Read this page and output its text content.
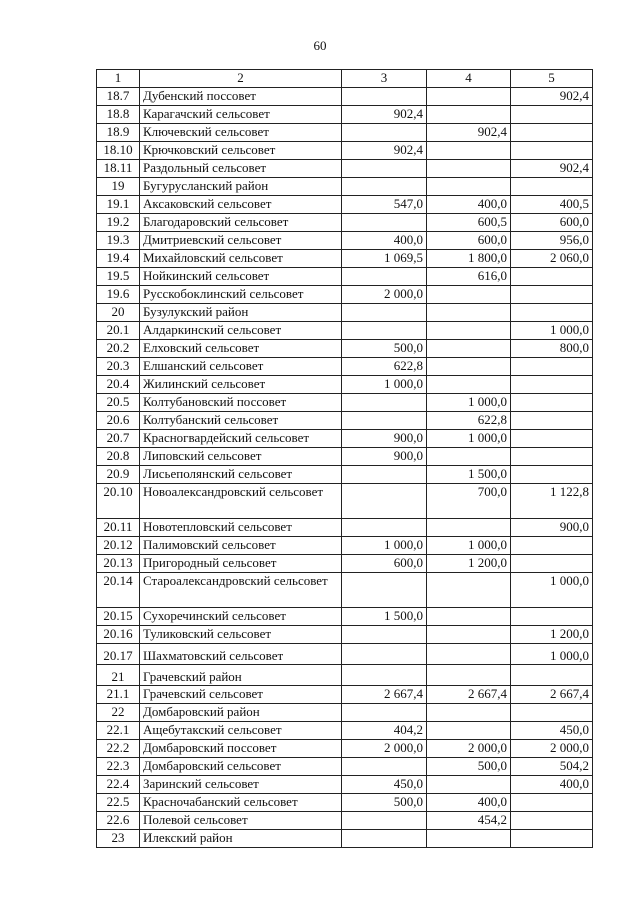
60
1	2	3	4	5
18.7	Дубенский поссовет			902,4
18.8	Карагачский сельсовет	902,4		
18.9	Ключевский сельсовет		902,4	
18.10	Крючковский сельсовет	902,4		
18.11	Раздольный сельсовет			902,4
19	Бугурусланский район			
19.1	Аксаковский сельсовет	547,0	400,0	400,5
19.2	Благодаровский сельсовет		600,5	600,0
19.3	Дмитриевский сельсовет	400,0	600,0	956,0
19.4	Михайловский сельсовет	1 069,5	1 800,0	2 060,0
19.5	Нойкинский сельсовет		616,0	
19.6	Русскобоклинский сельсовет	2 000,0		
20	Бузулукский район			
20.1	Алдаркинский сельсовет			1 000,0
20.2	Елховский сельсовет	500,0		800,0
20.3	Елшанский сельсовет	622,8		
20.4	Жилинский сельсовет	1 000,0		
20.5	Колтубановский поссовет		1 000,0	
20.6	Колтубанский сельсовет		622,8	
20.7	Красногвардейский сельсовет	900,0	1 000,0	
20.8	Липовский сельсовет	900,0		
20.9	Лисьеполянский сельсовет		1 500,0	
20.10	Новоалександровский сельсовет		700,0	1 122,8
20.11	Новотепловский сельсовет			900,0
20.12	Палимовский сельсовет	1 000,0	1 000,0	
20.13	Пригородный сельсовет	600,0	1 200,0	
20.14	Староалександровский сельсовет			1 000,0
20.15	Сухоречинский сельсовет	1 500,0		
20.16	Туликовский сельсовет			1 200,0
20.17	Шахматовский сельсовет			1 000,0
21	Грачевский район			
21.1	Грачевский сельсовет	2 667,4	2 667,4	2 667,4
22	Домбаровский район			
22.1	Ащебутакский сельсовет	404,2		450,0
22.2	Домбаровский поссовет	2 000,0	2 000,0	2 000,0
22.3	Домбаровский сельсовет		500,0	504,2
22.4	Заринский сельсовет	450,0		400,0
22.5	Красночабанский сельсовет	500,0	400,0	
22.6	Полевой сельсовет		454,2	
23	Илекский район			
